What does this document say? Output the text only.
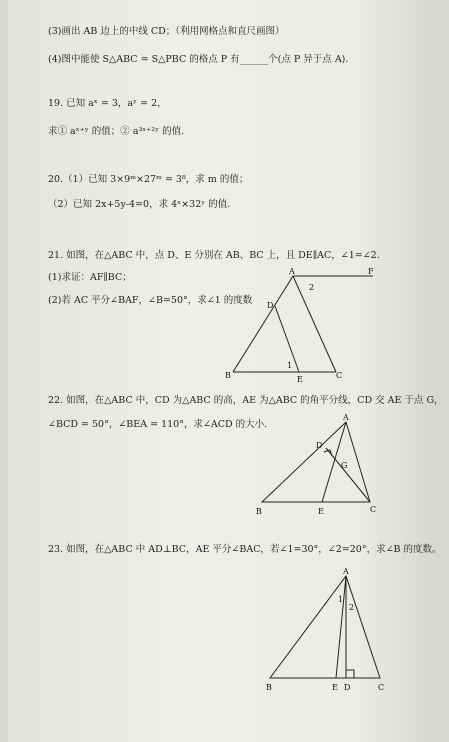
(3)画出 AB 边上的中线 CD；（利用网格点和直尺画图）
(4)图中能使 S△ABC = S△PBC 的格点 P 有______个(点 P 异于点 A).
19. 已知 aˣ = 3，aʸ = 2，
求① aˣ⁺ʸ 的值；② a³ˣ⁺²ʸ 的值.
20.（1）已知 3×9ᵐ×27ᵐ = 3⁸，求 m 的值；
（2）已知 2x+5y-4=0，求 4ˣ×32ʸ 的值.
21. 如图，在△ABC 中，点 D、E 分别在 AB、BC 上，且 DE∥AC，∠1=∠2.
(1)求证：AF∥BC；
(2)若 AC 平分∠BAF，∠B=50°，求∠1 的度数
A	F
D
B	E	C
1
2
22. 如图，在△ABC 中，CD 为△ABC 的高，AE 为△ABC 的角平分线，CD 交 AE 于点 G，
∠BCD = 50°，∠BEA = 110°，求∠ACD 的大小.
A
D
G
B	E	C
23. 如图，在△ABC 中 AD⊥BC，AE 平分∠BAC，若∠1=30°，∠2=20°，求∠B 的度数。
A
B	E D	C
1
2
